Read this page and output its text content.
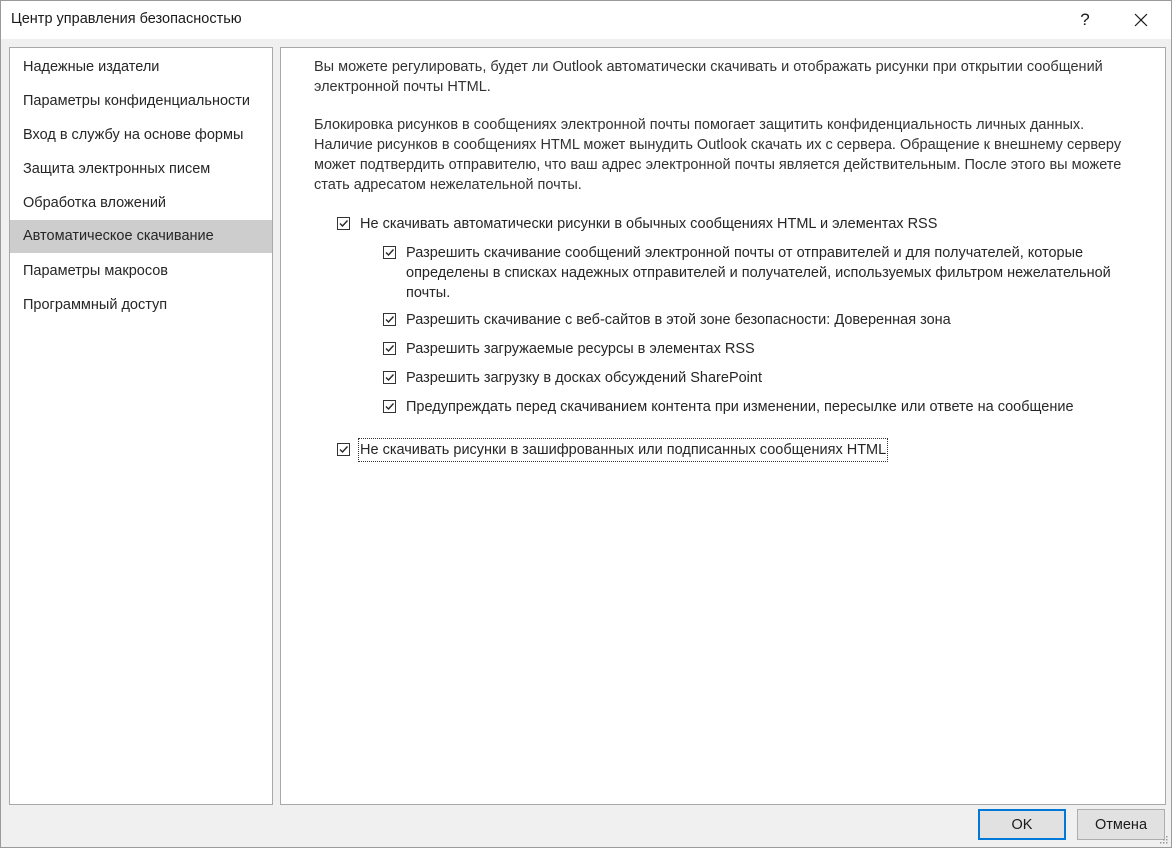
Центр управления безопасностью	?
Надежные издатели
Параметры конфиденциальности
Вход в службу на основе формы
Защита электронных писем
Обработка вложений
Автоматическое скачивание
Параметры макросов
Программный доступ
Вы можете регулировать, будет ли Outlook автоматически скачивать и отображать рисунки при открытии сообщений электронной почты HTML.
Блокировка рисунков в сообщениях электронной почты помогает защитить конфиденциальность личных данных. Наличие рисунков в сообщениях HTML может вынудить Outlook скачать их с сервера. Обращение к внешнему серверу может подтвердить отправителю, что ваш адрес электронной почты является действительным. После этого вы можете стать адресатом нежелательной почты.
Не скачивать автоматически рисунки в обычных сообщениях HTML и элементах RSS
Разрешить скачивание сообщений электронной почты от отправителей и для получателей, которые определены в списках надежных отправителей и получателей, используемых фильтром нежелательной почты.
Разрешить скачивание с веб-сайтов в этой зоне безопасности: Доверенная зона
Разрешить загружаемые ресурсы в элементах RSS
Разрешить загрузку в досках обсуждений SharePoint
Предупреждать перед скачиванием контента при изменении, пересылке или ответе на сообщение
Не скачивать рисунки в зашифрованных или подписанных сообщениях HTML
OK	Отмена
